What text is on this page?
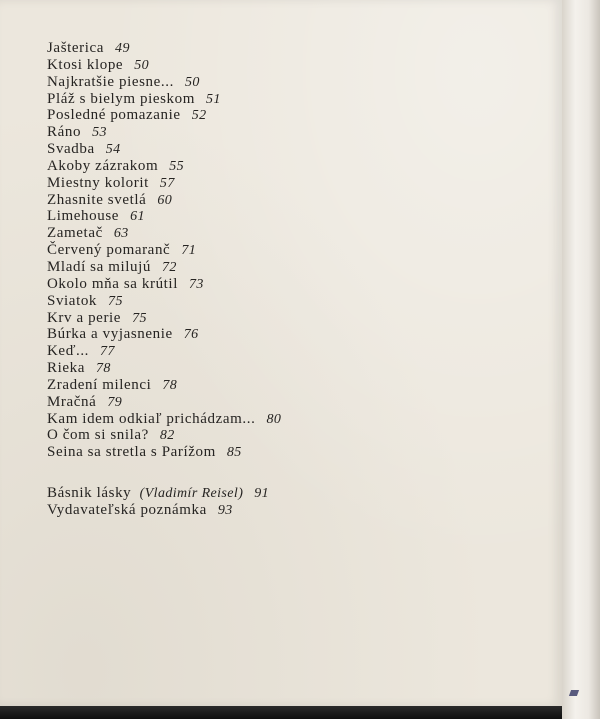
Jašterica 49
Ktosi klope 50
Najkratšie piesne... 50
Pláž s bielym pieskom 51
Posledné pomazanie 52
Ráno 53
Svadba 54
Akoby zázrakom 55
Miestny kolorit 57
Zhasnite svetlá 60
Limehouse 61
Zametač 63
Červený pomaranč 71
Mladí sa milujú 72
Okolo mňa sa krútil 73
Sviatok 75
Krv a perie 75
Búrka a vyjasnenie 76
Keď... 77
Rieka 78
Zradení milenci 78
Mračná 79
Kam idem odkiaľ prichádzam... 80
O čom si snila? 82
Seina sa stretla s Parížom 85
Básnik lásky (Vladimír Reisel) 91
Vydavateľská poznámka 93
